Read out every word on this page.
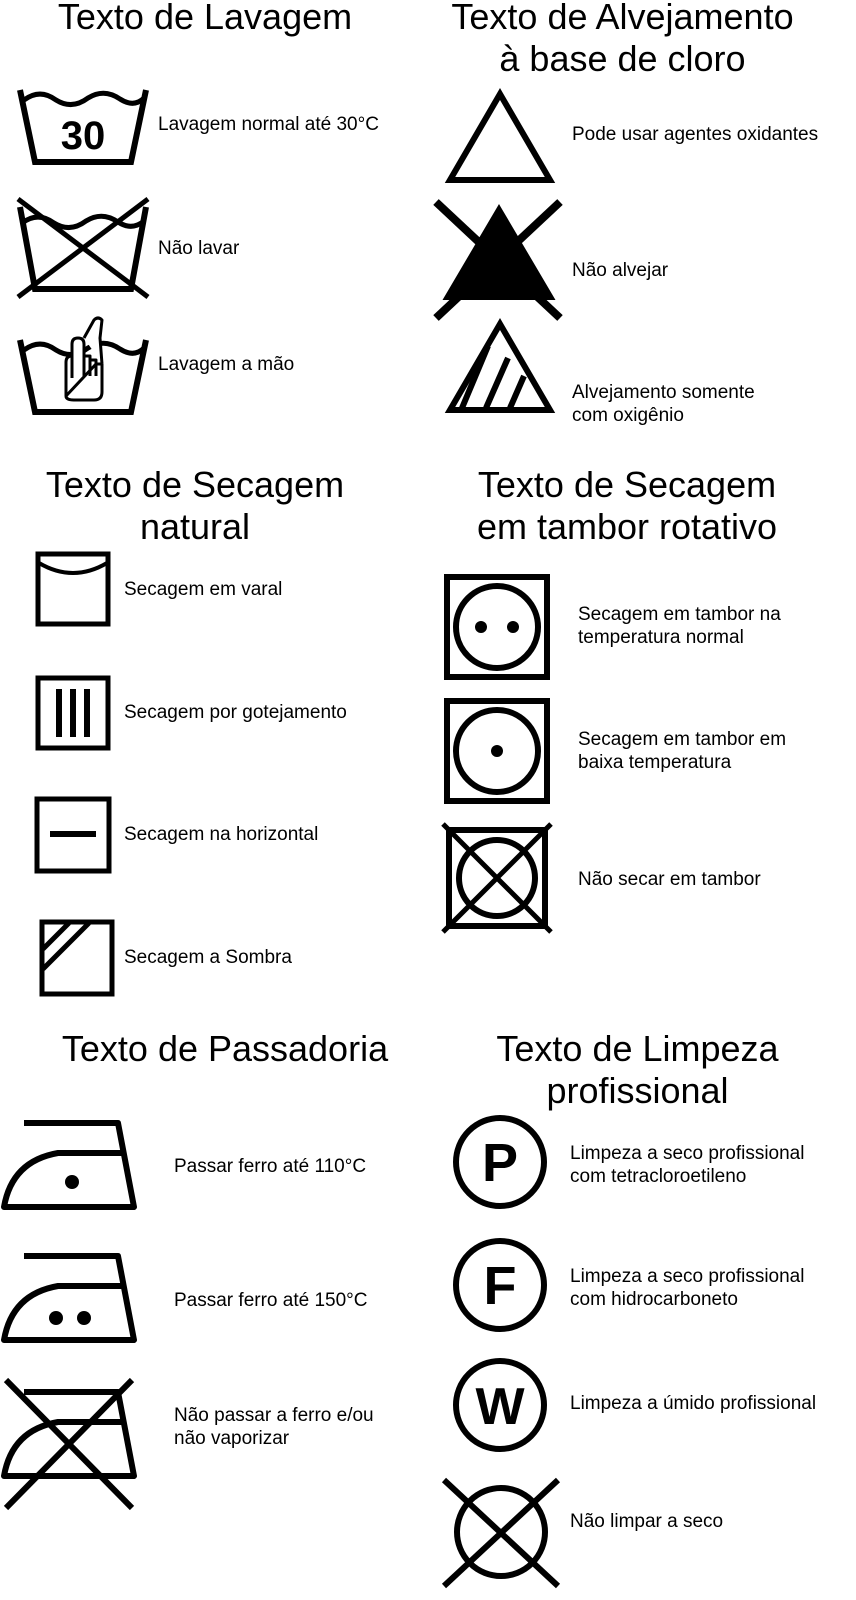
Texto de Lavagem
30	Lavagem normal até 30°C
Não lavar
Lavagem a mão
Texto de Alvejamento
à base de cloro
Pode usar agentes oxidantes
Não alvejar
Alvejamento somente
com oxigênio
Texto de Secagem
natural
Secagem em varal
Secagem por gotejamento
Secagem na horizontal
Secagem a Sombra
Texto de Secagem
em tambor rotativo
Secagem em tambor na
temperatura normal
Secagem em tambor em
baixa temperatura
Não secar em tambor
Texto de Passadoria
Passar ferro até 110°C
Passar ferro até 150°C
Não passar a ferro e/ou
não vaporizar
Texto de Limpeza
profissional
P	Limpeza a seco profissional
com tetracloroetileno
F	Limpeza a seco profissional
com hidrocarboneto
W Limpeza a úmido profissional
Não limpar a seco
